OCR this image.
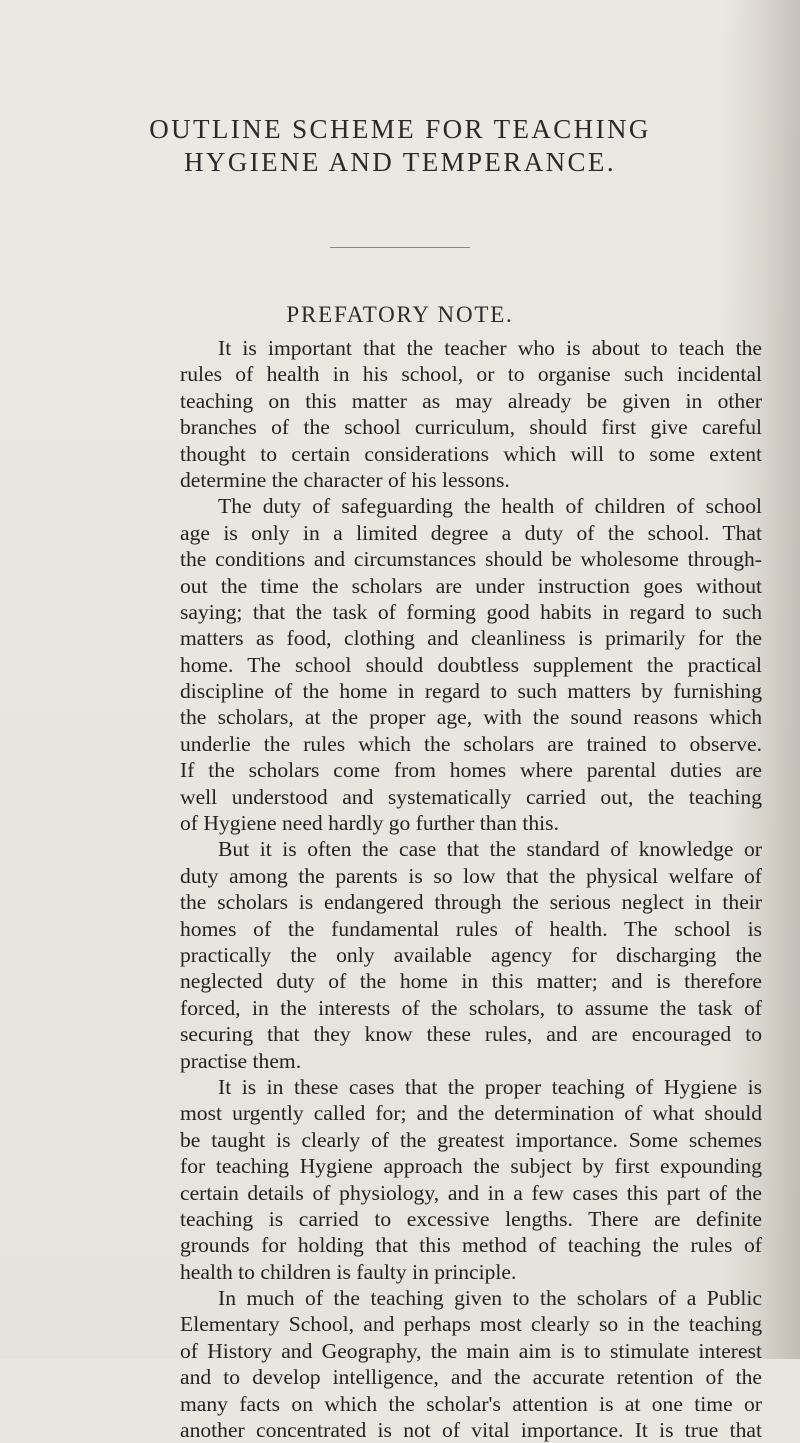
OUTLINE SCHEME FOR TEACHING
HYGIENE AND TEMPERANCE.
PREFATORY NOTE.
It is important that the teacher who is about to teach the
rules of health in his school, or to organise such incidental
teaching on this matter as may already be given in other
branches of the school curriculum, should first give careful
thought to certain considerations which will to some extent
determine the character of his lessons.
The duty of safeguarding the health of children of school
age is only in a limited degree a duty of the school. That
the conditions and circumstances should be wholesome through-
out the time the scholars are under instruction goes without
saying; that the task of forming good habits in regard to such
matters as food, clothing and cleanliness is primarily for the
home. The school should doubtless supplement the practical
discipline of the home in regard to such matters by furnishing
the scholars, at the proper age, with the sound reasons which
underlie the rules which the scholars are trained to observe.
If the scholars come from homes where parental duties are
well understood and systematically carried out, the teaching
of Hygiene need hardly go further than this.
But it is often the case that the standard of knowledge or
duty among the parents is so low that the physical welfare of
the scholars is endangered through the serious neglect in their
homes of the fundamental rules of health. The school is
practically the only available agency for discharging the
neglected duty of the home in this matter; and is therefore
forced, in the interests of the scholars, to assume the task of
securing that they know these rules, and are encouraged to
practise them.
It is in these cases that the proper teaching of Hygiene is
most urgently called for; and the determination of what should
be taught is clearly of the greatest importance. Some schemes
for teaching Hygiene approach the subject by first expounding
certain details of physiology, and in a few cases this part of the
teaching is carried to excessive lengths. There are definite
grounds for holding that this method of teaching the rules of
health to children is faulty in principle.
In much of the teaching given to the scholars of a Public
Elementary School, and perhaps most clearly so in the teaching
of History and Geography, the main aim is to stimulate interest
and to develop intelligence, and the accurate retention of the
many facts on which the scholar's attention is at one time or
another concentrated is not of vital importance. It is true that
